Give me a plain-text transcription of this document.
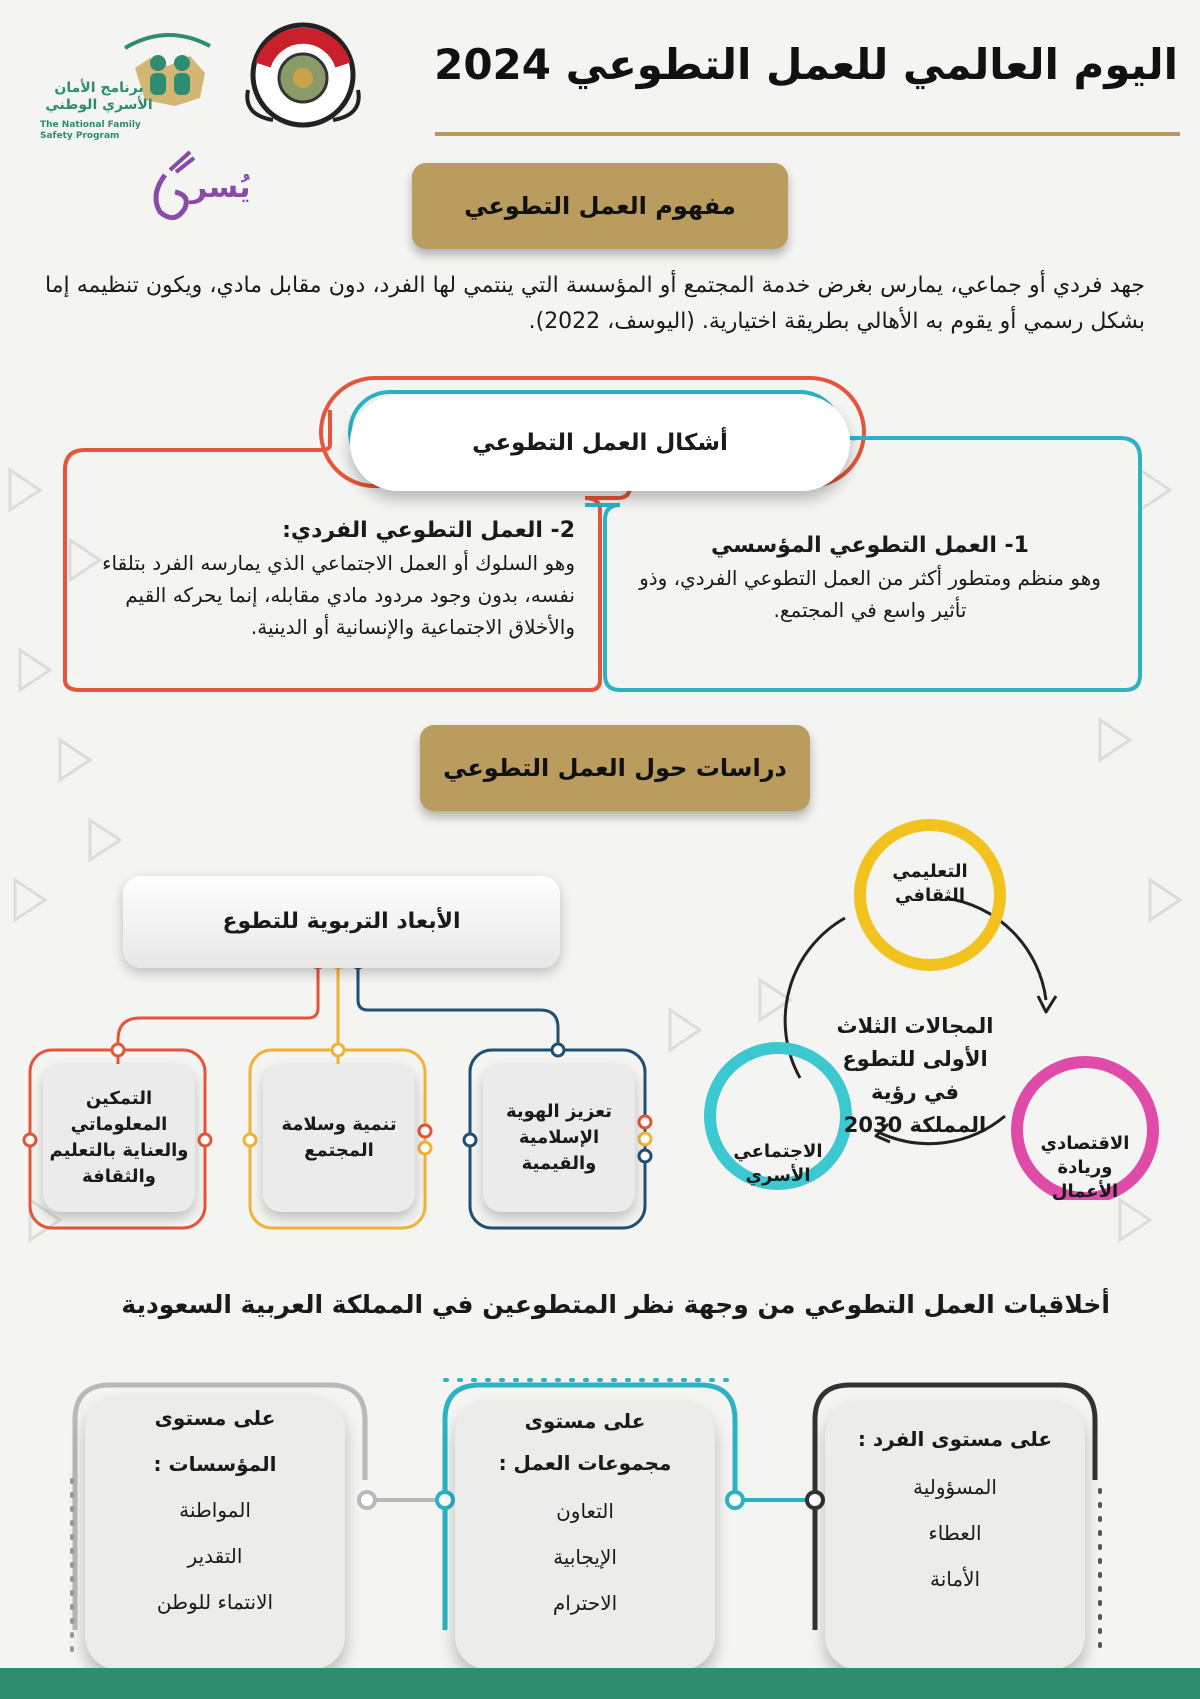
اليوم العالمي للعمل التطوعي 2024
برنامج الأمان
الأسري الوطني
The National Family
Safety Program
يُسر
مفهوم العمل التطوعي
جهد فردي أو جماعي، يمارس بغرض خدمة المجتمع أو المؤسسة التي ينتمي لها الفرد، دون مقابل مادي، ويكون تنظيمه إما بشكل رسمي أو يقوم به الأهالي بطريقة اختيارية. (اليوسف، 2022).
أشكال العمل التطوعي
2- العمل التطوعي الفردي:
وهو السلوك أو العمل الاجتماعي الذي يمارسه الفرد بتلقاء نفسه، بدون وجود مردود مادي مقابله، إنما يحركه القيم والأخلاق الاجتماعية والإنسانية أو الدينية.
1- العمل التطوعي المؤسسي
وهو منظم ومتطور أكثر من العمل التطوعي الفردي، وذو تأثير واسع في المجتمع.
دراسات حول العمل التطوعي
الأبعاد التربوية للتطوع
تعزيز الهوية الإسلامية والقيمية
تنمية وسلامة المجتمع
التمكين المعلوماتي والعناية بالتعليم والثقافة
المجالات الثلاث الأولى للتطوع في رؤية المملكة 2030
التعليمي الثقافي
الاقتصادي وريادة الأعمال
الاجتماعي الأسري
أخلاقيات العمل التطوعي من وجهة نظر المتطوعين في المملكة العربية السعودية
على مستوى الفرد :
المسؤولية
العطاء
الأمانة
على مستوى
مجموعات العمل :
التعاون
الإيجابية
الاحترام
على مستوى
المؤسسات :
المواطنة
التقدير
الانتماء للوطن
